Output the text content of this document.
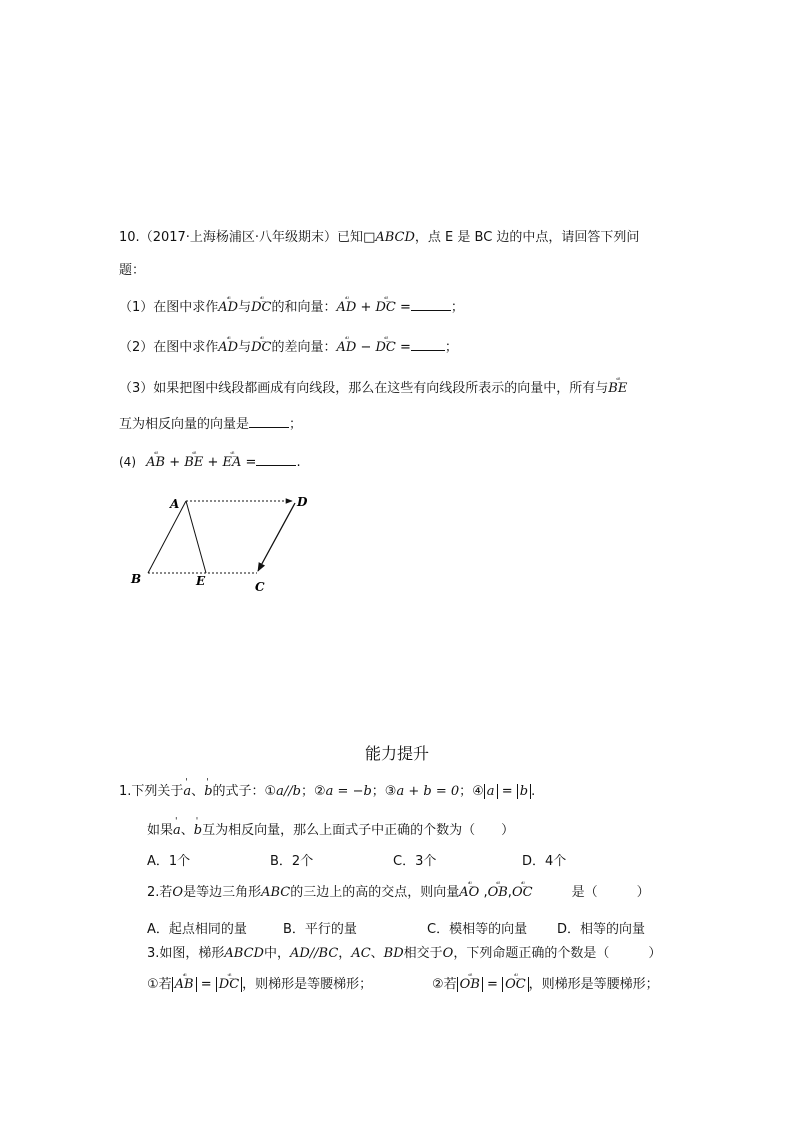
10.（2017·上海杨浦区·八年级期末）已知□ABCD，点 E 是 BC 边的中点，请回答下列问
题：
（1）在图中求作ᵘ͟ᵘ AD与ᵘ͟ᵘ DC的和向量：ᵘ͟ᵘ AD + ᵘ͟ᵘ DC =	；
（2）在图中求作ᵘ͟ᵘ AD与ᵘ͟ᵘ DC的差向量：ᵘ͟ᵘ AD − ᵘ͟ᵘ DC =	；
（3）如果把图中线段都画成有向线段，那么在这些有向线段所表示的向量中，所有与ᵘ͟ᵘ BE
互为相反向量的向量是	；
(4) ᵘ͟ᵘ AB + ᵘ͟ᵘ BE + ᵘ͟ᵘ EA =	.
A	D
B	E	C
能力提升
1.下列关于' a、' b的式子：①a//b；②a = −b；③a + b = 0；④ a = b .
如果' a、' b互为相反向量，那么上面式子中正确的个数为（　　）
A．1个	B．2个	C．3个	D．4个
2.若O是等边三角形ABC的三边上的高的交点，则向量ᵘ͟ᵘ AO ,ᵘ͟ᵘ OB,ᵘ͟ᵘ OC　　　	是（　　　）
A．起点相同的量	B．平行的量	C．模相等的向量 D．相等的向量
3.如图，梯形ABCD中，AD//BC，AC、BD相交于O，下列命题正确的个数是（　　　）
①若 ᵘ͟ᵘ AB = ᵘ͟ᵘ DC ，则梯形是等腰梯形；	②若 ᵘ͟ᵘ OB = ᵘ͟ᵘ OC ，则梯形是等腰梯形；
